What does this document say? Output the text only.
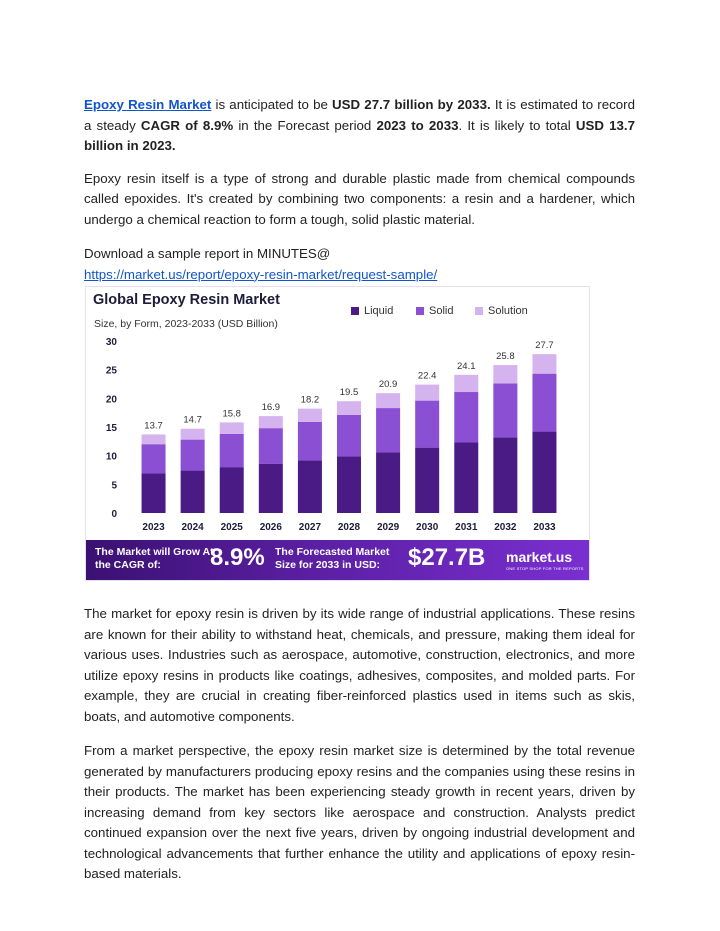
Epoxy Resin Market is anticipated to be USD 27.7 billion by 2033. It is estimated to record a steady CAGR of 8.9% in the Forecast period 2023 to 2033. It is likely to total USD 13.7 billion in 2023.

Epoxy resin itself is a type of strong and durable plastic made from chemical compounds called epoxides. It's created by combining two components: a resin and a hardener, which undergo a chemical reaction to form a tough, solid plastic material.

Download a sample report in MINUTES@

https://market.us/report/epoxy-resin-market/request-sample/

Global Epoxy Resin Market
Size, by Form, 2023-2033 (USD Billion)
Liquid	Solid	Solution
0
5
10
15
20
25
30
13.7
2023
14.7
2024
15.8
2025
16.9
2026
18.2
2027
19.5
2028
20.9
2029
22.4
2030
24.1
2031
25.8
2032
27.7
2033
The Market will Grow At the CAGR of:	8.9% The Forecasted Market Size for 2033 in USD:	$27.7B market.us
ONE STOP SHOP FOR THE REPORTS

The market for epoxy resin is driven by its wide range of industrial applications. These resins are known for their ability to withstand heat, chemicals, and pressure, making them ideal for various uses. Industries such as aerospace, automotive, construction, electronics, and more utilize epoxy resins in products like coatings, adhesives, composites, and molded parts. For example, they are crucial in creating fiber-reinforced plastics used in items such as skis, boats, and automotive components.

From a market perspective, the epoxy resin market size is determined by the total revenue generated by manufacturers producing epoxy resins and the companies using these resins in their products. The market has been experiencing steady growth in recent years, driven by increasing demand from key sectors like aerospace and construction. Analysts predict continued expansion over the next five years, driven by ongoing industrial development and technological advancements that further enhance the utility and applications of epoxy resin-based materials.
